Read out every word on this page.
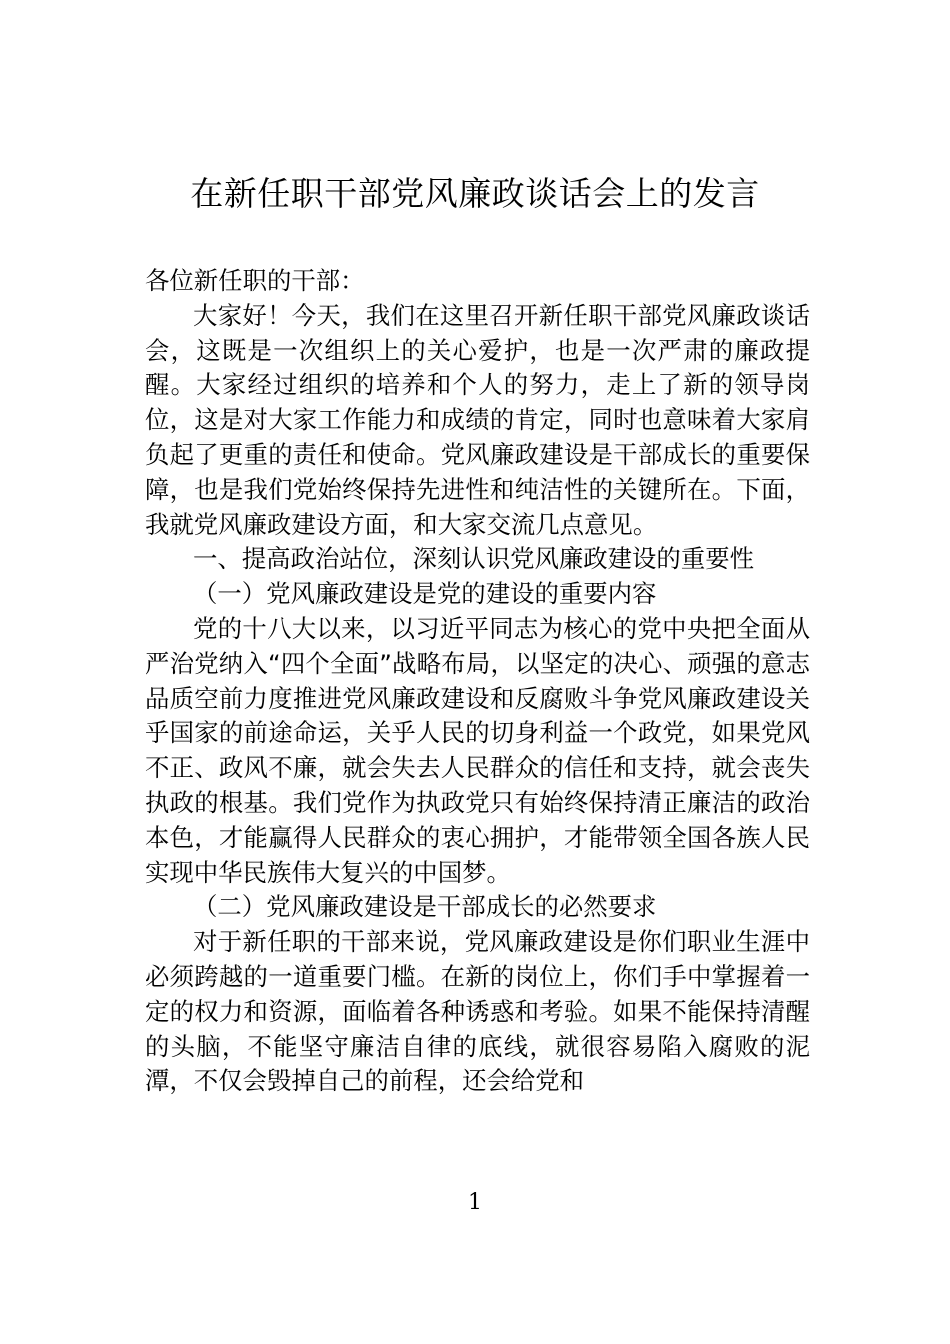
在新任职干部党风廉政谈话会上的发言

各位新任职的干部：

大家好！今天，我们在这里召开新任职干部党风廉政谈话会，这既是一次组织上的关心爱护，也是一次严肃的廉政提醒。大家经过组织的培养和个人的努力，走上了新的领导岗位，这是对大家工作能力和成绩的肯定，同时也意味着大家肩负起了更重的责任和使命。党风廉政建设是干部成长的重要保障，也是我们党始终保持先进性和纯洁性的关键所在。下面，我就党风廉政建设方面，和大家交流几点意见。

一、提高政治站位，深刻认识党风廉政建设的重要性

（一）党风廉政建设是党的建设的重要内容

党的十八大以来，以习近平同志为核心的党中央把全面从严治党纳入“四个全面”战略布局，以坚定的决心、顽强的意志品质空前力度推进党风廉政建设和反腐败斗争党风廉政建设关乎国家的前途命运，关乎人民的切身利益一个政党，如果党风不正、政风不廉，就会失去人民群众的信任和支持，就会丧失执政的根基。我们党作为执政党只有始终保持清正廉洁的政治本色，才能赢得人民群众的衷心拥护，才能带领全国各族人民实现中华民族伟大复兴的中国梦。

（二）党风廉政建设是干部成长的必然要求

对于新任职的干部来说，党风廉政建设是你们职业生涯中必须跨越的一道重要门槛。在新的岗位上，你们手中掌握着一定的权力和资源，面临着各种诱惑和考验。如果不能保持清醒的头脑，不能坚守廉洁自律的底线，就很容易陷入腐败的泥潭，不仅会毁掉自己的前程，还会给党和

1
